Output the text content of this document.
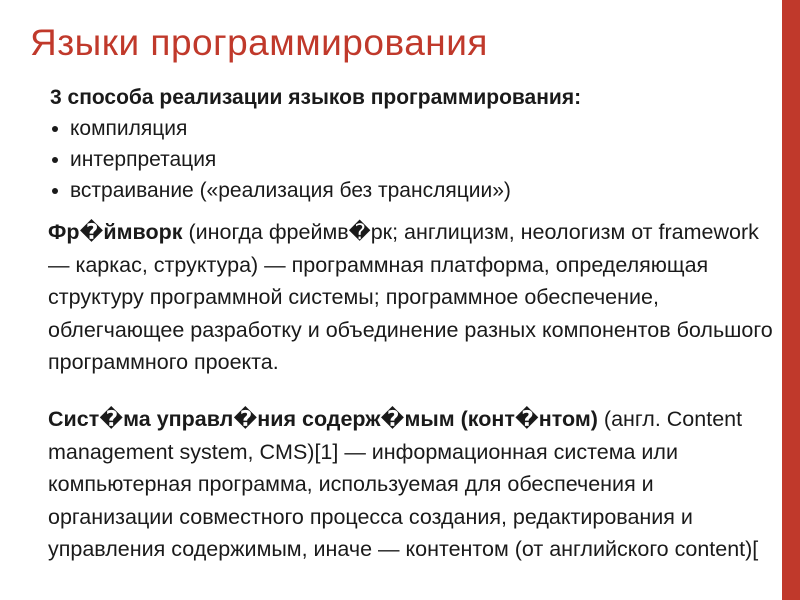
Языки программирования
3 способа реализации языков программирования:
компиляция
интерпретация
встраивание («реализация без трансляции»)
Фр�ймворк (иногда фреймв�рк; англицизм, неологизм от framework — каркас, структура) — программная платформа, определяющая структуру программной системы; программное обеспечение, облегчающее разработку и объединение разных компонентов большого программного проекта.
Сист�ма управл�ния содерж�мым (конт�нтом) (англ. Content management system, CMS)[1] — информационная система или компьютерная программа, используемая для обеспечения и организации совместного процесса создания, редактирования и управления содержимым, иначе — контентом (от английского content)[
